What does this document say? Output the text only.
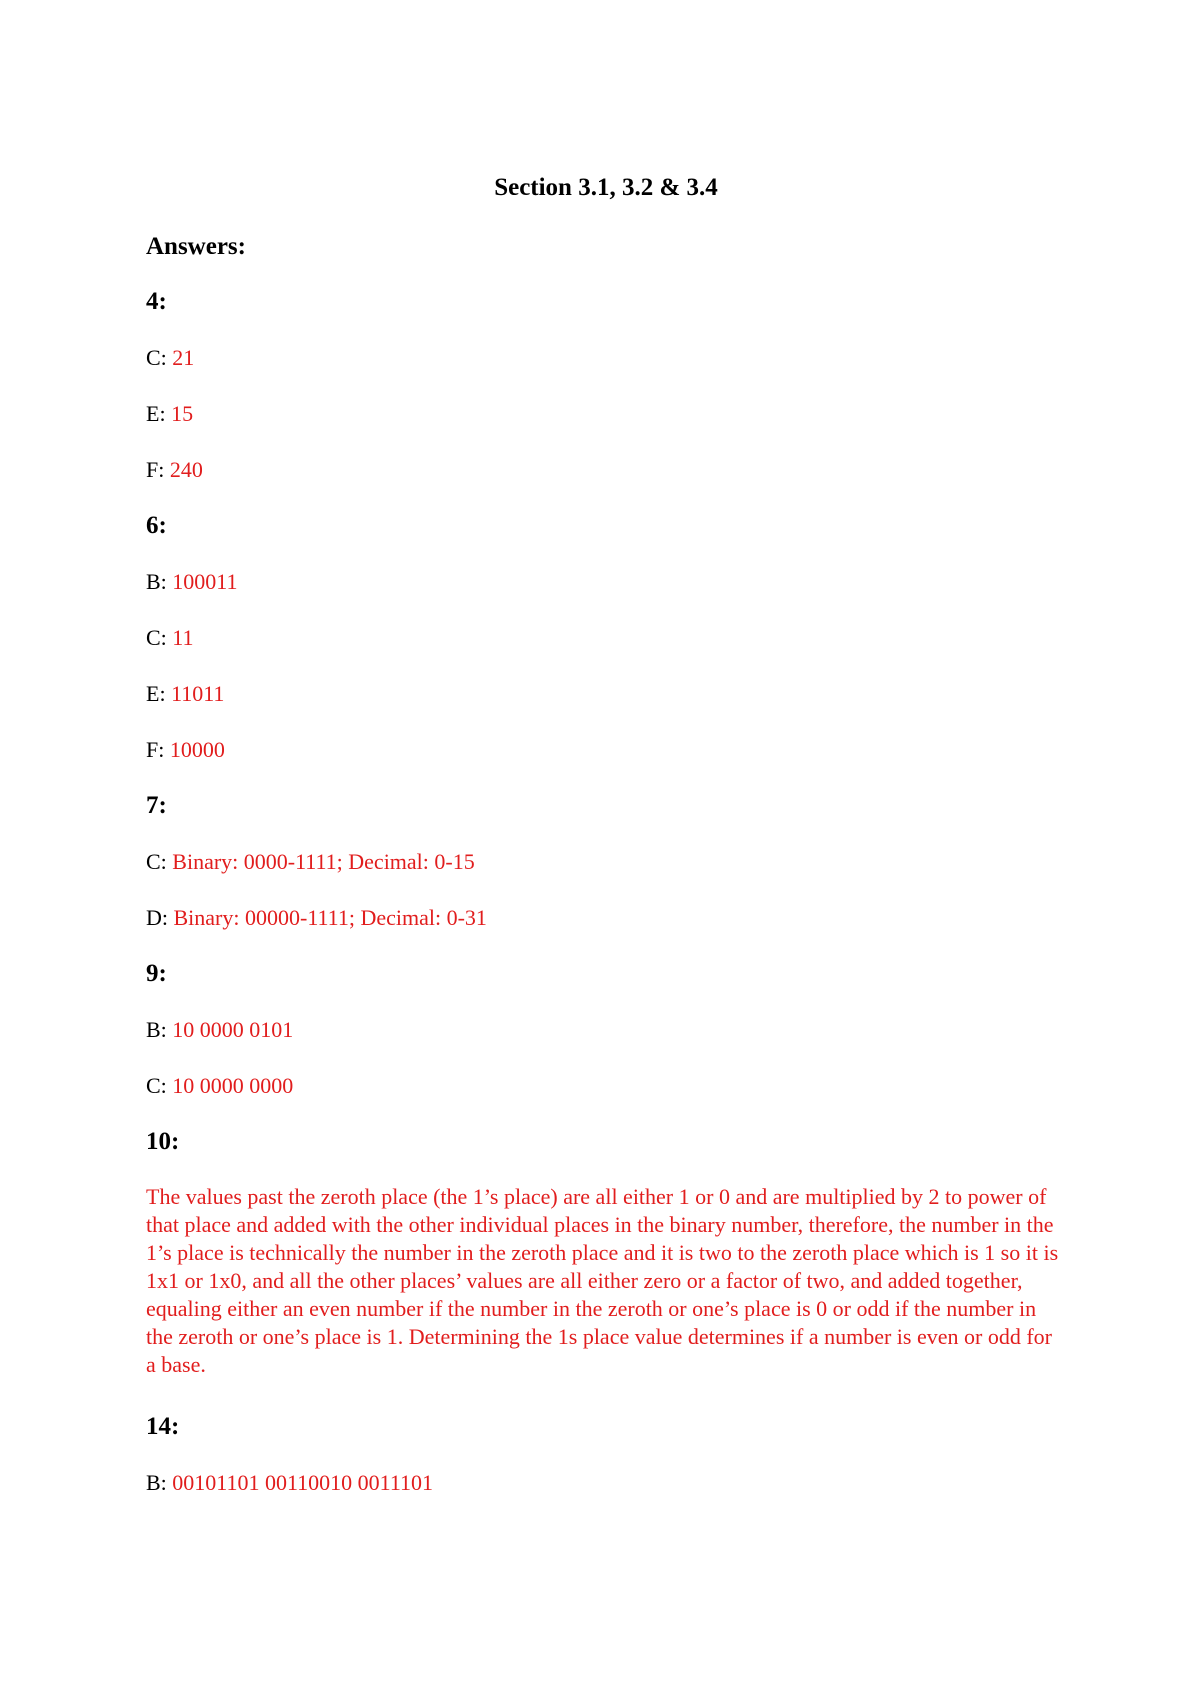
Section 3.1, 3.2 & 3.4
Answers:
4:
C: 21
E: 15
F: 240
6:
B: 100011
C: 11
E: 11011
F: 10000
7:
C: Binary: 0000-1111; Decimal: 0-15
D: Binary: 00000-1111; Decimal: 0-31
9:
B: 10 0000 0101
C: 10 0000 0000
10:
The values past the zeroth place (the 1’s place) are all either 1 or 0 and are multiplied by 2 to power of that place and added with the other individual places in the binary number, therefore, the number in the 1’s place is technically the number in the zeroth place and it is two to the zeroth place which is 1 so it is 1x1 or 1x0, and all the other places’ values are all either zero or a factor of two, and added together, equaling either an even number if the number in the zeroth or one’s place is 0 or odd if the number in the zeroth or one’s place is 1. Determining the 1s place value determines if a number is even or odd for a base.
14:
B: 00101101 00110010 0011101
